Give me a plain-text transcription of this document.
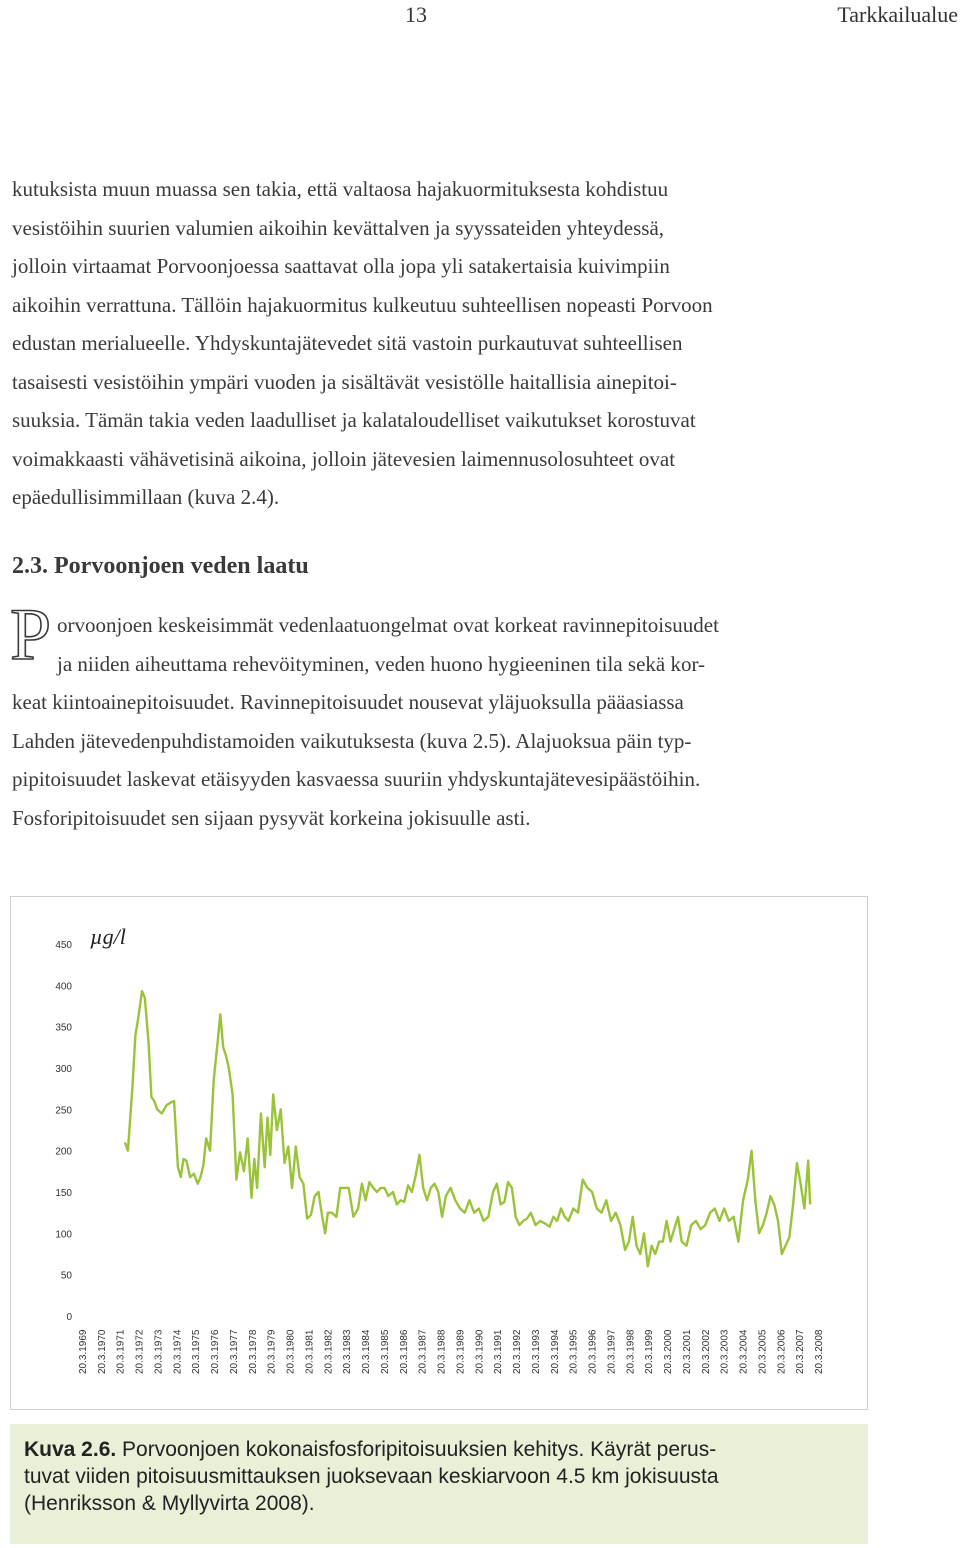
13	Tarkkailualue

kutuksista muun muassa sen takia, että valtaosa hajakuormituksesta kohdistuu
vesistöihin suurien valumien aikoihin kevättalven ja syyssateiden yhteydessä,
jolloin virtaamat Porvoonjoessa saattavat olla jopa yli satakertaisia kuivimpiin
aikoihin verrattuna. Tällöin hajakuormitus kulkeutuu suhteellisen nopeasti Porvoon
edustan merialueelle. Yhdyskuntajätevedet sitä vastoin purkautuvat suhteellisen
tasaisesti vesistöihin ympäri vuoden ja sisältävät vesistölle haitallisia ainepitoi-
suuksia. Tämän takia veden laadulliset ja kalataloudelliset vaikutukset korostuvat
voimakkaasti vähävetisinä aikoina, jolloin jätevesien laimennusolosuhteet ovat
epäedullisimmillaan (kuva 2.4).

2.3. Porvoonjoen veden laatu
P orvoonjoen keskeisimmät vedenlaatuongelmat ovat korkeat ravinnepitoisuudet
ja niiden aiheuttama rehevöityminen, veden huono hygieeninen tila sekä kor-

keat kiintoainepitoisuudet. Ravinnepitoisuudet nousevat yläjuoksulla pääasiassa
Lahden jätevedenpuhdistamoiden vaikutuksesta (kuva 2.5). Alajuoksua päin typ-
pipitoisuudet laskevat etäisyyden kasvaessa suuriin yhdyskuntajätevesipäästöihin.
Fosforipitoisuudet sen sijaan pysyvät korkeina jokisuulle asti.

µg/l
0
50
100
150
200
250
300
350
400
450
20.3.1969 20.3.1970 20.3.1971 20.3.1972 20.3.1973 20.3.1974 20.3.1975 20.3.1976 20.3.1977 20.3.1978 20.3.1979 20.3.1980 20.3.1981 20.3.1982 20.3.1983 20.3.1984 20.3.1985 20.3.1986 20.3.1987 20.3.1988 20.3.1989 20.3.1990 20.3.1991 20.3.1992 20.3.1993 20.3.1994 20.3.1995 20.3.1996 20.3.1997 20.3.1998 20.3.1999 20.3.2000 20.3.2001 20.3.2002 20.3.2003 20.3.2004 20.3.2005 20.3.2006 20.3.2007 20.3.2008

Kuva 2.6. Porvoonjoen kokonaisfosforipitoisuuksien kehitys. Käyrät perus-
tuvat viiden pitoisuusmittauksen juoksevaan keskiarvoon 4.5 km jokisuusta
(Henriksson & Myllyvirta 2008).
